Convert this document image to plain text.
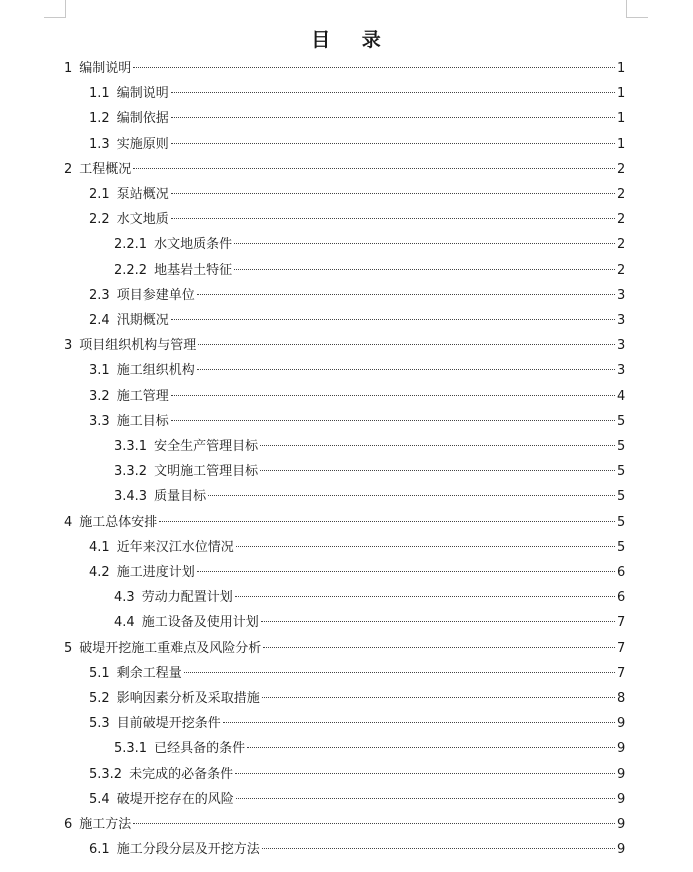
目    录
1 编制说明	1
1.1 编制说明	1
1.2 编制依据	1
1.3 实施原则	1
2 工程概况	2
2.1 泵站概况	2
2.2 水文地质	2
2.2.1 水文地质条件	2
2.2.2 地基岩土特征	2
2.3 项目参建单位	3
2.4 汛期概况	3
3 项目组织机构与管理	3
3.1 施工组织机构	3
3.2 施工管理	4
3.3 施工目标	5
3.3.1 安全生产管理目标	5
3.3.2 文明施工管理目标	5
3.4.3 质量目标	5
4 施工总体安排	5
4.1 近年来汉江水位情况	5
4.2 施工进度计划	6
4.3 劳动力配置计划	6
4.4 施工设备及使用计划	7
5 破堤开挖施工重难点及风险分析	7
5.1 剩余工程量	7
5.2 影响因素分析及采取措施	8
5.3 目前破堤开挖条件	9
5.3.1 已经具备的条件	9
5.3.2 未完成的必备条件	9
5.4 破堤开挖存在的风险	9
6 施工方法	9
6.1 施工分段分层及开挖方法	9
